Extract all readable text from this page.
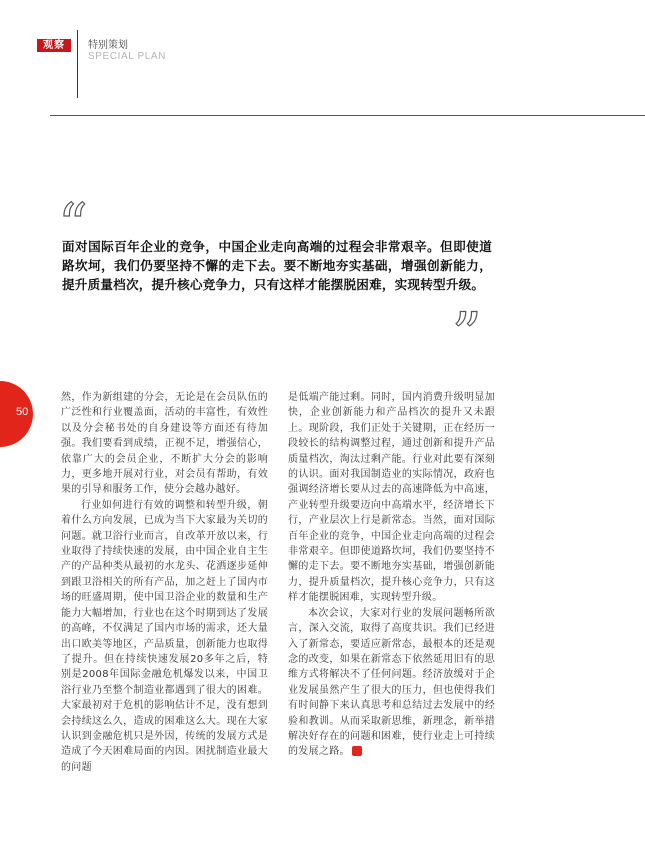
观察	特别策划
SPECIAL PLAN
“
面对国际百年企业的竞争，中国企业走向高端的过程会非常艰辛。但即使道路坎坷，我们仍要坚持不懈的走下去。要不断地夯实基础，增强创新能力，提升质量档次，提升核心竞争力，只有这样才能摆脱困难，实现转型升级。
”
50

然，作为新组建的分会，无论是在会员队伍的广泛性和行业覆盖面，活动的丰富性，有效性以及分会秘书处的自身建设等方面还有待加强。我们要看到成绩，正视不足，增强信心，依靠广大的会员企业，不断扩大分会的影响力，更多地开展对行业，对会员有帮助，有效果的引导和服务工作，使分会越办越好。

行业如何进行有效的调整和转型升级，朝着什么方向发展，已成为当下大家最为关切的问题。就卫浴行业而言，自改革开放以来，行业取得了持续快速的发展，由中国企业自主生产的产品种类从最初的水龙头、花洒逐步延伸到跟卫浴相关的所有产品，加之赶上了国内市场的旺盛周期，使中国卫浴企业的数量和生产能力大幅增加，行业也在这个时期到达了发展的高峰，不仅满足了国内市场的需求，还大量出口欧美等地区，产品质量，创新能力也取得了提升。但在持续快速发展20多年之后，特别是2008年国际金融危机爆发以来，中国卫浴行业乃至整个制造业都遇到了很大的困难。大家最初对于危机的影响估计不足，没有想到会持续这么久，造成的困难这么大。现在大家认识到金融危机只是外因，传统的发展方式是造成了今天困难局面的内因。困扰制造业最大的问题

是低端产能过剩。同时，国内消费升级明显加快，企业创新能力和产品档次的提升又未跟上。现阶段，我们正处于关键期，正在经历一段较长的结构调整过程，通过创新和提升产品质量档次，淘汰过剩产能。行业对此要有深刻的认识。面对我国制造业的实际情况，政府也强调经济增长要从过去的高速降低为中高速，产业转型升级要迈向中高端水平，经济增长下行，产业层次上行是新常态。当然，面对国际百年企业的竞争，中国企业走向高端的过程会非常艰辛。但即使道路坎坷，我们仍要坚持不懈的走下去。要不断地夯实基础，增强创新能力，提升质量档次，提升核心竞争力，只有这样才能摆脱困难，实现转型升级。

本次会议，大家对行业的发展问题畅所欲言，深入交流，取得了高度共识。我们已经进入了新常态，要适应新常态，最根本的还是观念的改变，如果在新常态下依然延用旧有的思维方式将解决不了任何问题。经济放缓对于企业发展虽然产生了很大的压力，但也使得我们有时间静下来认真思考和总结过去发展中的经验和教训。从而采取新思维，新理念，新举措解决好存在的问题和困难，使行业走上可持续的发展之路。	回
